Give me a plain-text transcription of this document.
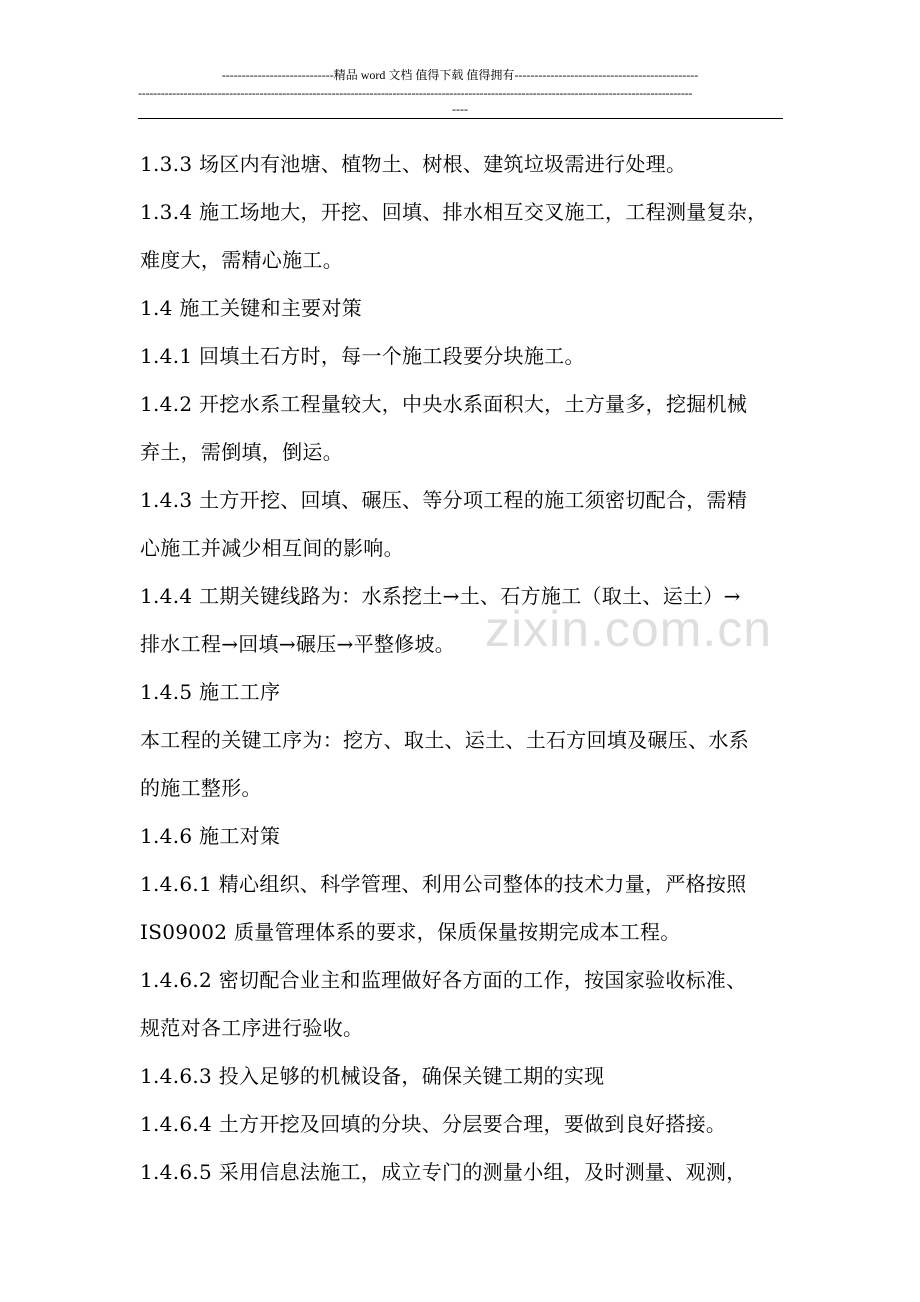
----------------------------精品 word 文档 值得下载 值得拥有----------------------------------------------
--------------------------------------------------------------------------------------------------------------------------------------------------
----
1.3.3 场区内有池塘、植物土、树根、建筑垃圾需进行处理。
1.3.4 施工场地大，开挖、回填、排水相互交叉施工，工程测量复杂，
难度大，需精心施工。
1.4 施工关键和主要对策
1.4.1 回填土石方时，每一个施工段要分块施工。
1.4.2 开挖水系工程量较大，中央水系面积大，土方量多，挖掘机械
弃土，需倒填，倒运。
1.4.3 土方开挖、回填、碾压、等分项工程的施工须密切配合，需精
心施工并减少相互间的影响。
1.4.4 工期关键线路为：水系挖土→土、石方施工（取土、运土）→
排水工程→回填→碾压→平整修坡。
1.4.5 施工工序
本工程的关键工序为：挖方、取土、运土、土石方回填及碾压、水系
的施工整形。
1.4.6 施工对策
1.4.6.1 精心组织、科学管理、利用公司整体的技术力量，严格按照
IS09002 质量管理体系的要求，保质保量按期完成本工程。
1.4.6.2 密切配合业主和监理做好各方面的工作，按国家验收标准、
规范对各工序进行验收。
1.4.6.3 投入足够的机械设备，确保关键工期的实现
1.4.6.4 土方开挖及回填的分块、分层要合理，要做到良好搭接。
1.4.6.5 采用信息法施工，成立专门的测量小组，及时测量、观测，
zixin.com.cn
